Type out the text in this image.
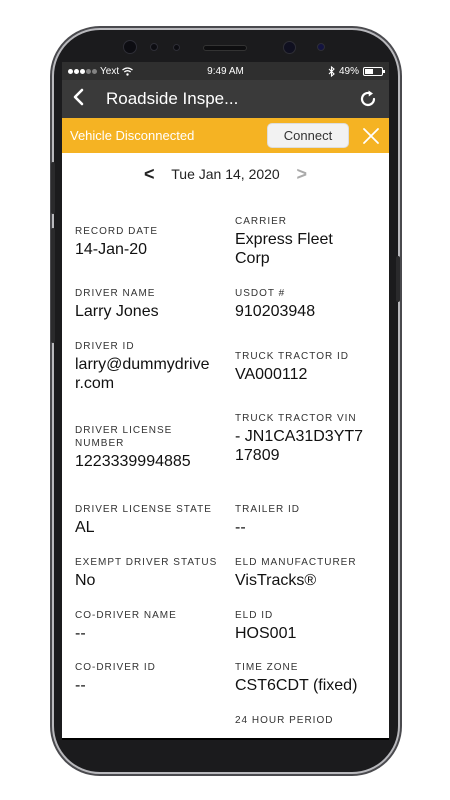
Yext	9:49 AM	49%
Roadside Inspe...
Vehicle Disconnected	Connect
<	Tue Jan 14, 2020 >
RECORD DATE
14-Jan-20
CARRIER
Express Fleet Corp
DRIVER NAME
Larry Jones
USDOT #
910203948
DRIVER ID
larry@dummydriver.com
TRUCK TRACTOR ID
VA000112
DRIVER LICENSE NUMBER
1223339994885
TRUCK TRACTOR VIN
- JN1CA31D3YT717809
DRIVER LICENSE STATE
AL
TRAILER ID
--
EXEMPT DRIVER STATUS
No
ELD MANUFACTURER
VisTracks®
CO-DRIVER NAME
--
ELD ID
HOS001
CO-DRIVER ID
--
TIME ZONE
CST6CDT (fixed)
24 HOUR PERIOD
